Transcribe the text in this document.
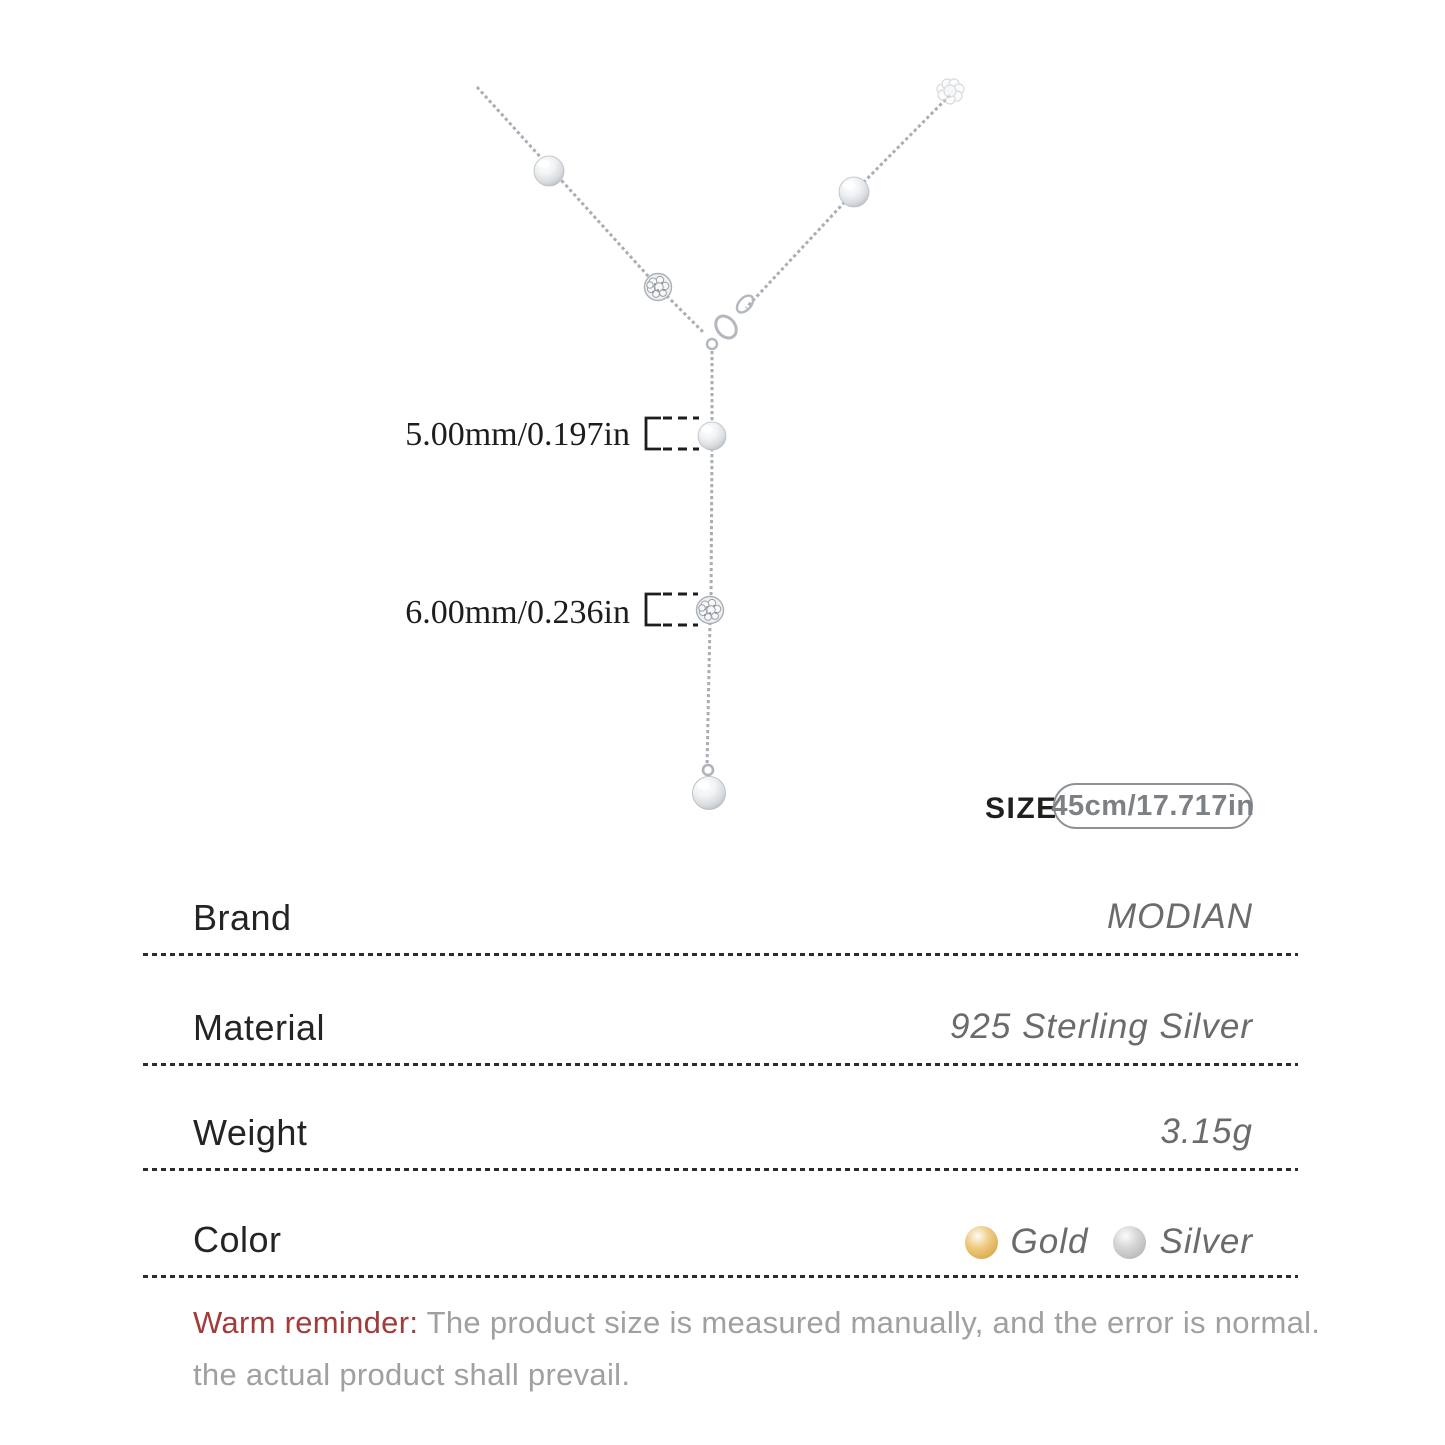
5.00mm/0.197in
6.00mm/0.236in
SIZE
45cm/17.717in
Brand	MODIAN
Material	925 Sterling Silver
Weight	3.15g
Color	Gold Silver
Warm reminder: The product size is measured manually, and the error is normal.
the actual product shall prevail.
